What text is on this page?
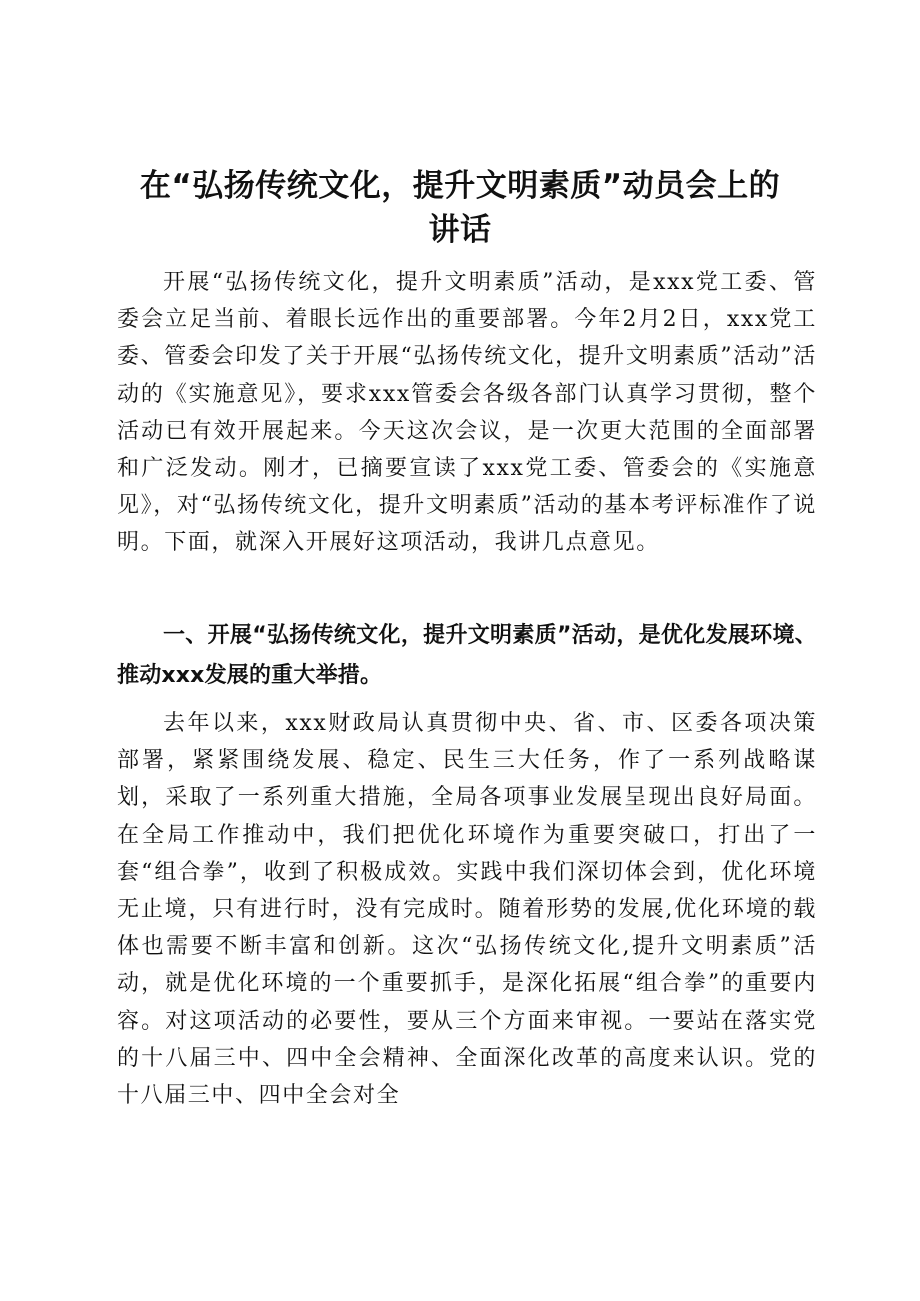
在“弘扬传统文化，提升文明素质”动员会上的
讲话

开展“弘扬传统文化，提升文明素质”活动，是xxx党工委、管委会立足当前、着眼长远作出的重要部署。今年2月2日，xxx党工委、管委会印发了关于开展“弘扬传统文化，提升文明素质”活动”活动的《实施意见》，要求xxx管委会各级各部门认真学习贯彻，整个活动已有效开展起来。今天这次会议，是一次更大范围的全面部署和广泛发动。刚才，已摘要宣读了xxx党工委、管委会的《实施意见》，对“弘扬传统文化，提升文明素质”活动的基本考评标准作了说明。下面，就深入开展好这项活动，我讲几点意见。

一、开展“弘扬传统文化，提升文明素质”活动，是优化发展环境、推动xxx发展的重大举措。

去年以来，xxx财政局认真贯彻中央、省、市、区委各项决策部署，紧紧围绕发展、稳定、民生三大任务，作了一系列战略谋划，采取了一系列重大措施，全局各项事业发展呈现出良好局面。在全局工作推动中，我们把优化环境作为重要突破口，打出了一套“组合拳”，收到了积极成效。实践中我们深切体会到，优化环境无止境，只有进行时，没有完成时。随着形势的发展,优化环境的载体也需要不断丰富和创新。这次“弘扬传统文化,提升文明素质”活动，就是优化环境的一个重要抓手，是深化拓展“组合拳”的重要内容。对这项活动的必要性，要从三个方面来审视。一要站在落实党的十八届三中、四中全会精神、全面深化改革的高度来认识。党的十八届三中、四中全会对全
